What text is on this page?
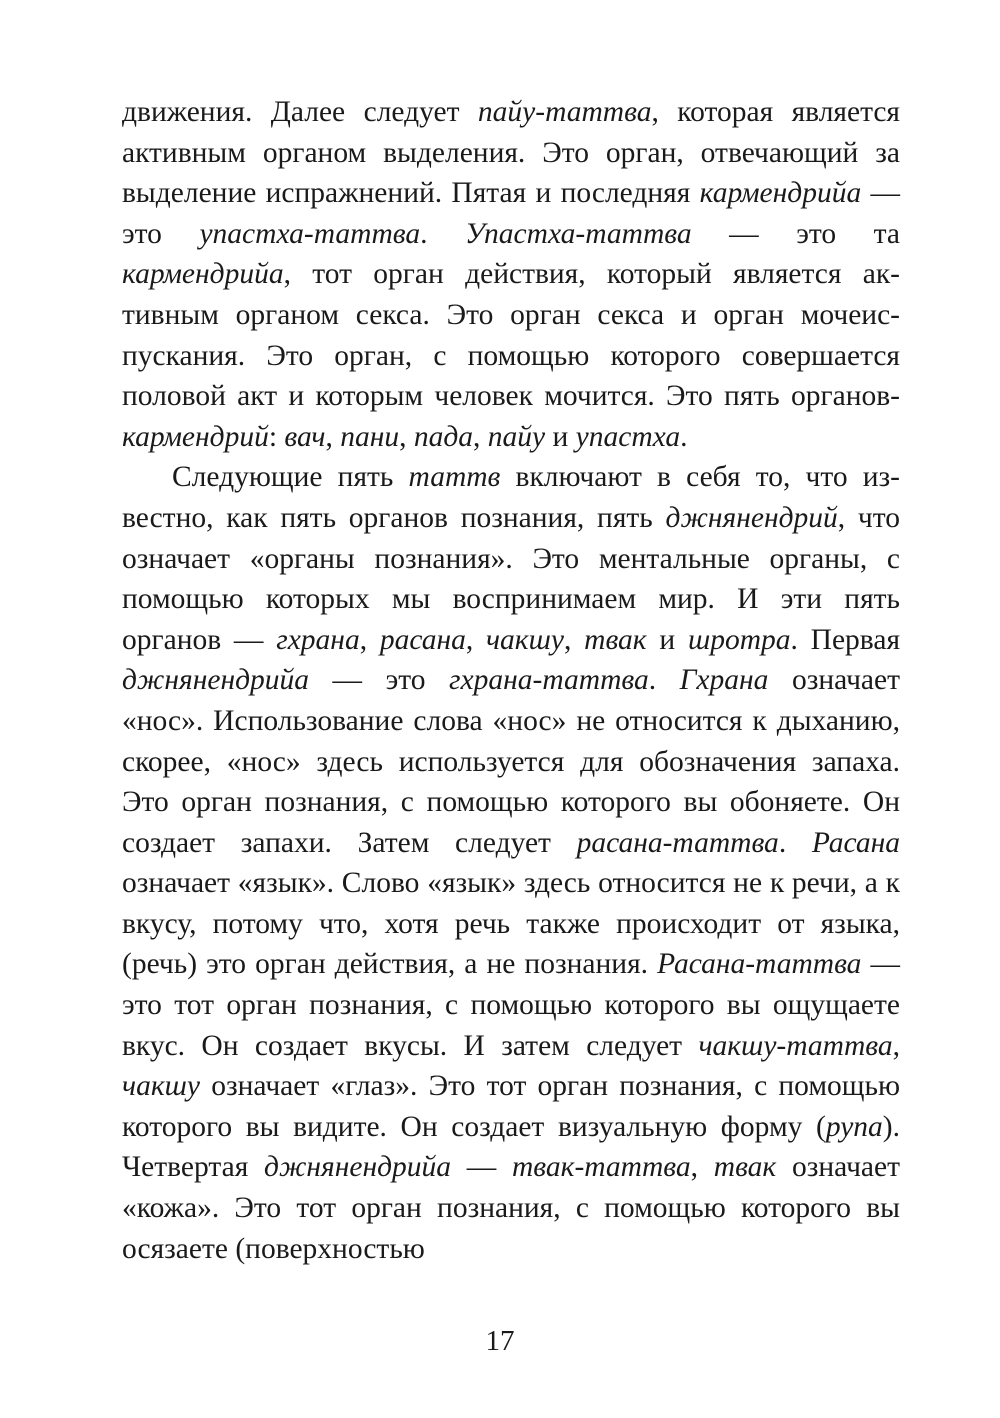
движения. Далее следует пайу-таттва, которая является активным органом выделения. Это орган, отвечающий за выделение испражнений. Пятая и последняя кармендрийа — это упастха-таттва. Упастха-таттва — это та кармендрийа, тот орган действия, который является активным органом секса. Это орган секса и орган мочеиспускания. Это орган, с помощью которого совершается половой акт и которым человек мочится. Это пять органов-кармендрий: вач, пани, пада, пайу и упастха.

Следующие пять таттв включают в себя то, что известно, как пять органов познания, пять джнянендрий, что означает «органы познания». Это ментальные органы, с помощью которых мы воспринимаем мир. И эти пять органов — гхрана, расана, чакшу, твак и шротра. Первая джнянендрийа — это гхрана-таттва. Гхрана означает «нос». Использование слова «нос» не относится к дыханию, скорее, «нос» здесь используется для обозначения запаха. Это орган познания, с помощью которого вы обоняете. Он создает запахи. Затем следует расана-таттва. Расана означает «язык». Слово «язык» здесь относится не к речи, а к вкусу, потому что, хотя речь также происходит от языка, (речь) это орган действия, а не познания. Расана-таттва — это тот орган познания, с помощью которого вы ощущаете вкус. Он создает вкусы. И затем следует чакшу-таттва, чакшу означает «глаз». Это тот орган познания, с помощью которого вы видите. Он создает визуальную форму (рупа). Четвертая джнянендрийа — твак-таттва, твак означает «кожа». Это тот орган познания, с помощью которого вы осязаете (поверхностью

17
